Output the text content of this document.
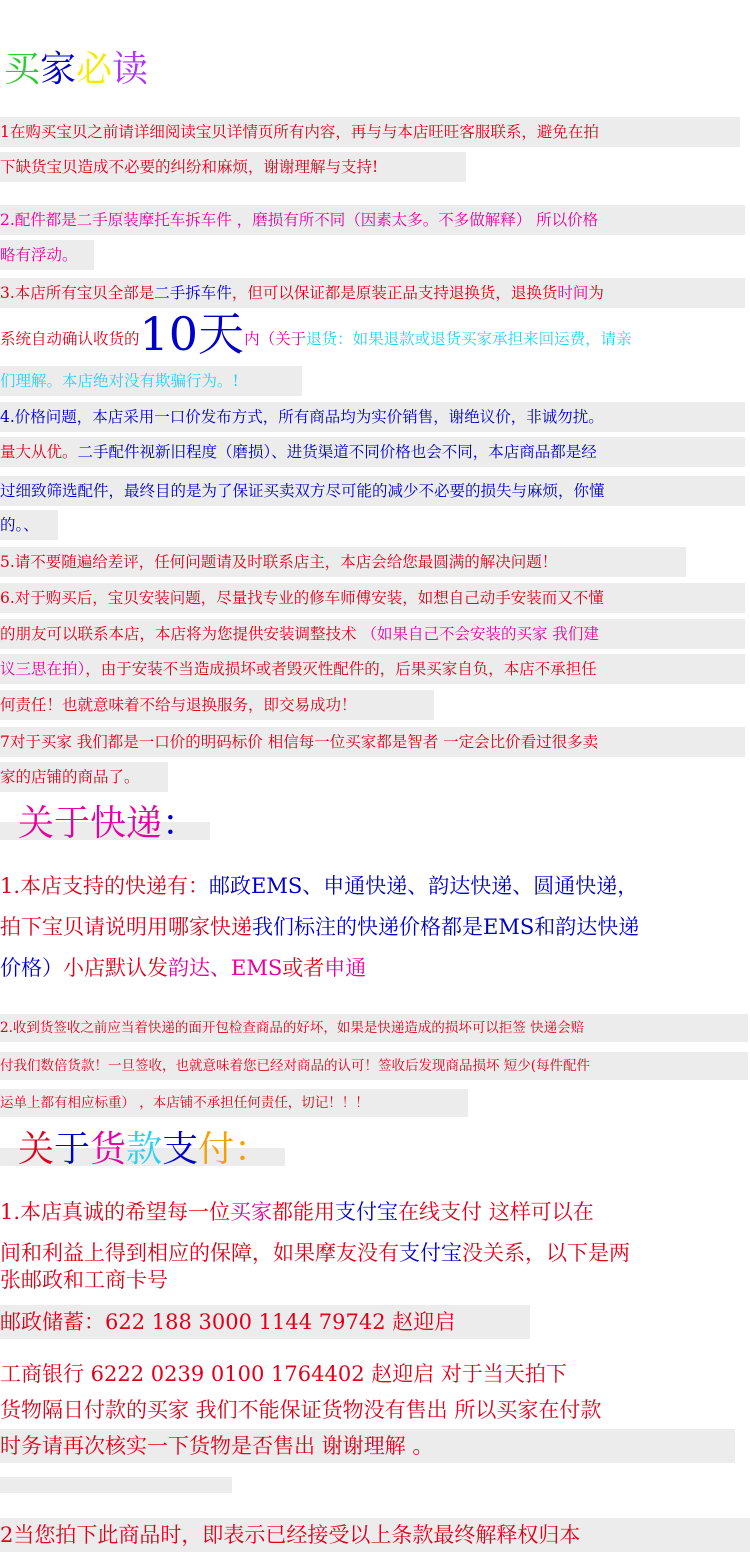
买家必读
1在购买宝贝之前请详细阅读宝贝详情页所有内容，再与与本店旺旺客服联系，避免在拍
下缺货宝贝造成不必要的纠纷和麻烦，谢谢理解与支持!
2.配件都是二手原装摩托车拆车件 ，磨损有所不同（因素太多。不多做解释） 所以价格
略有浮动。
3.本店所有宝贝全部是二手拆车件，但可以保证都是原装正品支持退换货，退换货时间为
系统自动确认收货的10天内（关于退货：如果退款或退货买家承担来回运费，请亲
们理解。本店绝对没有欺骗行为。!
4.价格问题，本店采用一口价发布方式，所有商品均为实价销售，谢绝议价，非诚勿扰。
量大从优。二手配件视新旧程度（磨损）、进货渠道不同价格也会不同，本店商品都是经
过细致筛选配件，最终目的是为了保证买卖双方尽可能的减少不必要的损失与麻烦，你懂
的。、
5.请不要随遍给差评，任何问题请及时联系店主，本店会给您最圆满的解决问题！
6.对于购买后，宝贝安装问题，尽量找专业的修车师傅安装，如想自己动手安装而又不懂
的朋友可以联系本店，本店将为您提供安装调整技术 （如果自己不会安装的买家 我们建
议三思在拍），由于安装不当造成损坏或者毁灭性配件的，后果买家自负，本店不承担任
何责任！也就意味着不给与退换服务，即交易成功！
7对于买家 我们都是一口价的明码标价 相信每一位买家都是智者 一定会比价看过很多卖
家的店铺的商品了。
关于快递：
1.本店支持的快递有：邮政EMS、申通快递、韵达快递、圆通快递，
拍下宝贝请说明用哪家快递我们标注的快递价格都是EMS和韵达快递
价格）小店默认发韵达、EMS或者申通
2.收到货签收之前应当着快递的面开包检查商品的好坏，如果是快递造成的损坏可以拒签 快递会赔
付我们数倍货款！一旦签收，也就意味着您已经对商品的认可！签收后发现商品损坏 短少(每件配件
运单上都有相应标重） ，本店铺不承担任何责任，切记！！！
关于货款支付：
1.本店真诚的希望每一位买家都能用支付宝在线支付 这样可以在
间和利益上得到相应的保障，如果摩友没有支付宝没关系，以下是两
张邮政和工商卡号
邮政储蓄：622 188 3000 1144 79742 赵迎启
工商银行 6222 0239 0100 1764402 赵迎启 对于当天拍下
货物隔日付款的买家 我们不能保证货物没有售出 所以买家在付款
时务请再次核实一下货物是否售出 谢谢理解 。
2当您拍下此商品时，即表示已经接受以上条款最终解释权归本
